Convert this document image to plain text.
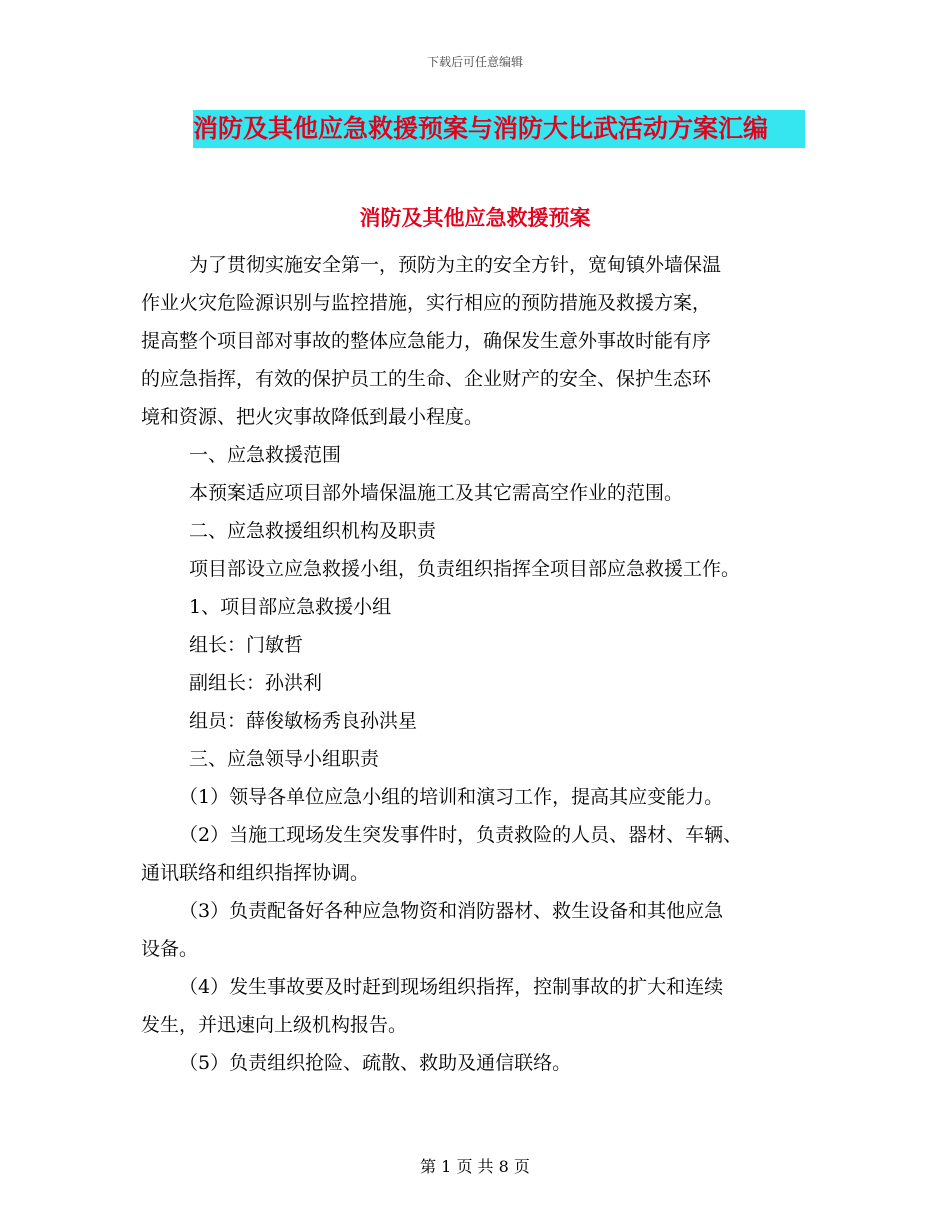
下载后可任意编辑
消防及其他应急救援预案与消防大比武活动方案汇编
消防及其他应急救援预案

为了贯彻实施安全第一，预防为主的安全方针，宽甸镇外墙保温

作业火灾危险源识别与监控措施，实行相应的预防措施及救援方案，

提高整个项目部对事故的整体应急能力，确保发生意外事故时能有序

的应急指挥，有效的保护员工的生命、企业财产的安全、保护生态环

境和资源、把火灾事故降低到最小程度。

一、应急救援范围

本预案适应项目部外墙保温施工及其它需高空作业的范围。

二、应急救援组织机构及职责

项目部设立应急救援小组，负责组织指挥全项目部应急救援工作。

1、项目部应急救援小组

组长：门敏哲

副组长：孙洪利

组员：薛俊敏杨秀良孙洪星

三、应急领导小组职责

（1）领导各单位应急小组的培训和演习工作，提高其应变能力。

（2）当施工现场发生突发事件时，负责救险的人员、器材、车辆、

通讯联络和组织指挥协调。

（3）负责配备好各种应急物资和消防器材、救生设备和其他应急

设备。

（4）发生事故要及时赶到现场组织指挥，控制事故的扩大和连续

发生，并迅速向上级机构报告。

（5）负责组织抢险、疏散、救助及通信联络。

第 1 页 共 8 页
